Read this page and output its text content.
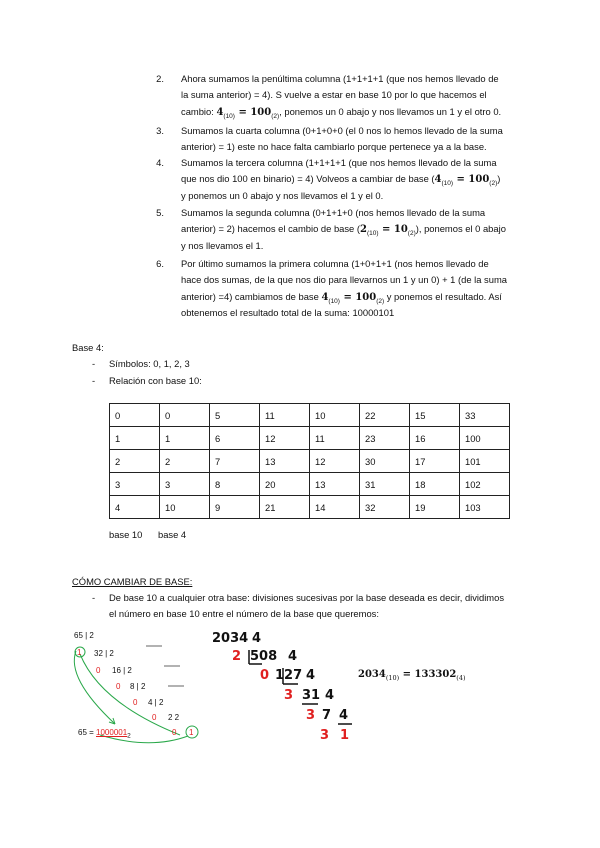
2. Ahora sumamos la penúltima columna (1+1+1+1 (que nos hemos llevado de
la suma anterior) = 4). S vuelve a estar en base 10 por lo que hacemos el
cambio: $4_{(10)} = 100_{(2)}$, ponemos un 0 abajo y nos llevamos un 1 y el otro 0.
3. Sumamos la cuarta columna (0+1+0+0 (el 0 nos lo hemos llevado de la suma
anterior) = 1) este no hace falta cambiarlo porque pertenece ya a la base.
4. Sumamos la tercera columna (1+1+1+1 (que nos hemos llevado de la suma
que nos dio 100 en binario) = 4) Volveos a cambiar de base $(4_{(10)} = 100_{(2)})$
y ponemos un 0 abajo y nos llevamos el 1 y el 0.
5. Sumamos la segunda columna (0+1+1+0 (nos hemos llevado de la suma
anterior) = 2) hacemos el cambio de base $(2_{(10)} = 10_{(2)})$, ponemos el 0 abajo
y nos llevamos el 1.
6. Por último sumamos la primera columna (1+0+1+1 (nos hemos llevado de
hace dos sumas, de la que nos dio para llevarnos un 1 y un 0) + 1 (de la suma
anterior) =4) cambiamos de base $4_{(10)} = 100_{(2)}$ y ponemos el resultado. Así
obtenemos el resultado total de la suma: 10000101
Base 4:
- Símbolos: 0, 1, 2, 3
- Relación con base 10:
0	0	5	11	10	22	15	33
1	1	6	12	11	23	16	100
2	2	7	13	12	30	17	101
3	3	8	20	13	31	18	102
4	10	9	21	14	32	19	103
base 10 base 4
CÓMO CAMBIAR DE BASE:
- De base 10 a cualquier otra base: divisiones sucesivas por la base deseada es decir, dividimos
el número en base 10 entre el número de la base que queremos:
65 | 2
32 | 2
16 | 2
8 | 2
4 | 2
2 2
1
0
0
0
0
0 1
$65 = 1000001_2$
2034 4
2 508 4
0 127 4
3 31 4
3 7 4
3 1
$2034_{(10)} = 133302_{(4)}$
